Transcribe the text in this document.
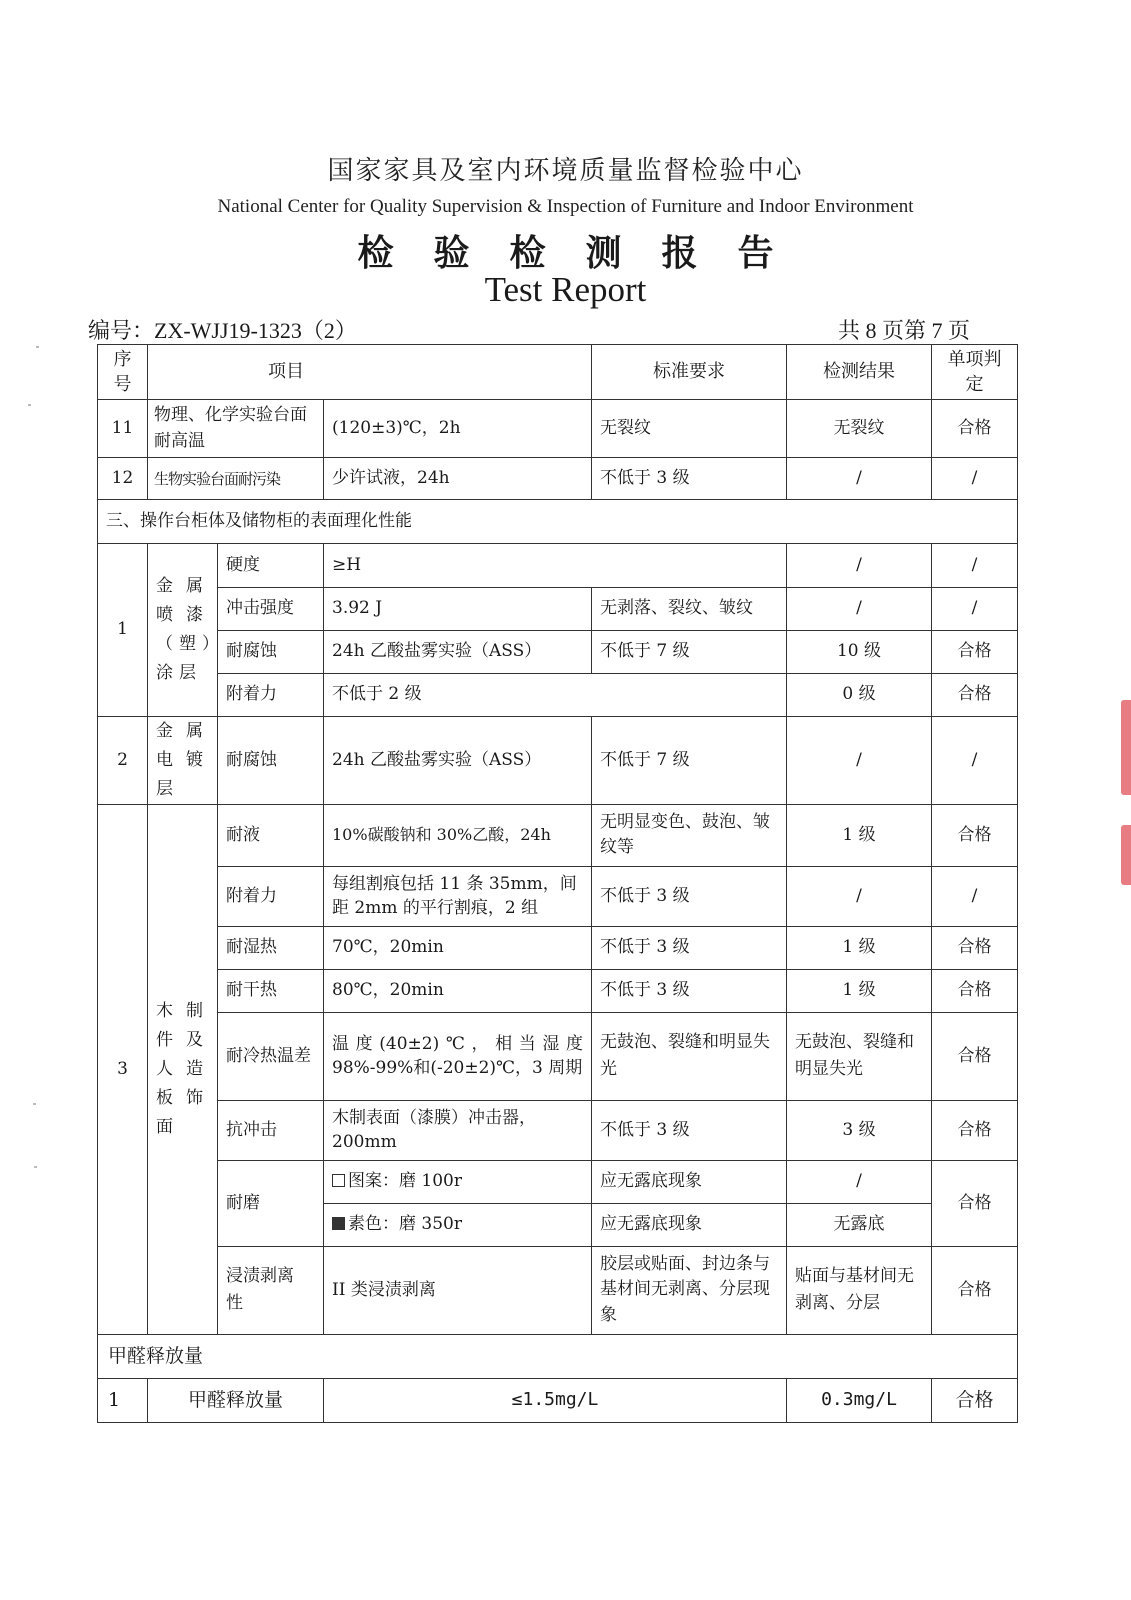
国家家具及室内环境质量监督检验中心
National Center for Quality Supervision & Inspection of Furniture and Indoor Environment
检验检测报告
Test Report
编号：ZX-WJJ19-1323（2）	共 8 页第 7 页
序号	项目			标准要求	检测结果	单项判定
11	物理、化学实验台面耐高温		(120±3)℃，2h	无裂纹	无裂纹	合格
12	生物实验台面耐污染		少许试液，24h	不低于 3 级	/	/
三、操作台柜体及储物柜的表面理化性能						
1	金属喷漆（塑）涂层	硬度	≥H		/	/
		冲击强度	3.92 J	无剥落、裂纹、皱纹	/	/
		耐腐蚀	24h 乙酸盐雾实验（ASS）	不低于 7 级	10 级	合格
		附着力	不低于 2 级		0 级	合格
2	金属电镀层	耐腐蚀	24h 乙酸盐雾实验（ASS）	不低于 7 级	/	/
3	木制件及人造板饰面	耐液	10%碳酸钠和 30%乙酸，24h	无明显变色、鼓泡、皱纹等	1 级	合格
		附着力	每组割痕包括 11 条 35mm，间距 2mm 的平行割痕，2 组	不低于 3 级	/	/
		耐湿热	70℃，20min	不低于 3 级	1 级	合格
		耐干热	80℃，20min	不低于 3 级	1 级	合格
		耐冷热温差	温度(40±2)℃，相当湿度 98%-99%和(-20±2)℃，3 周期	无鼓泡、裂缝和明显失光	无鼓泡、裂缝和明显失光	合格
		抗冲击	木制表面（漆膜）冲击器，200mm	不低于 3 级	3 级	合格
		耐磨	图案：磨 100r	应无露底现象	/	合格
			素色：磨 350r	应无露底现象	无露底	
		浸渍剥离性	II 类浸渍剥离	胶层或贴面、封边条与基材间无剥离、分层现象	贴面与基材间无剥离、分层	合格
甲醛释放量						
1	甲醛释放量		≤1.5mg/L		0.3mg/L	合格
